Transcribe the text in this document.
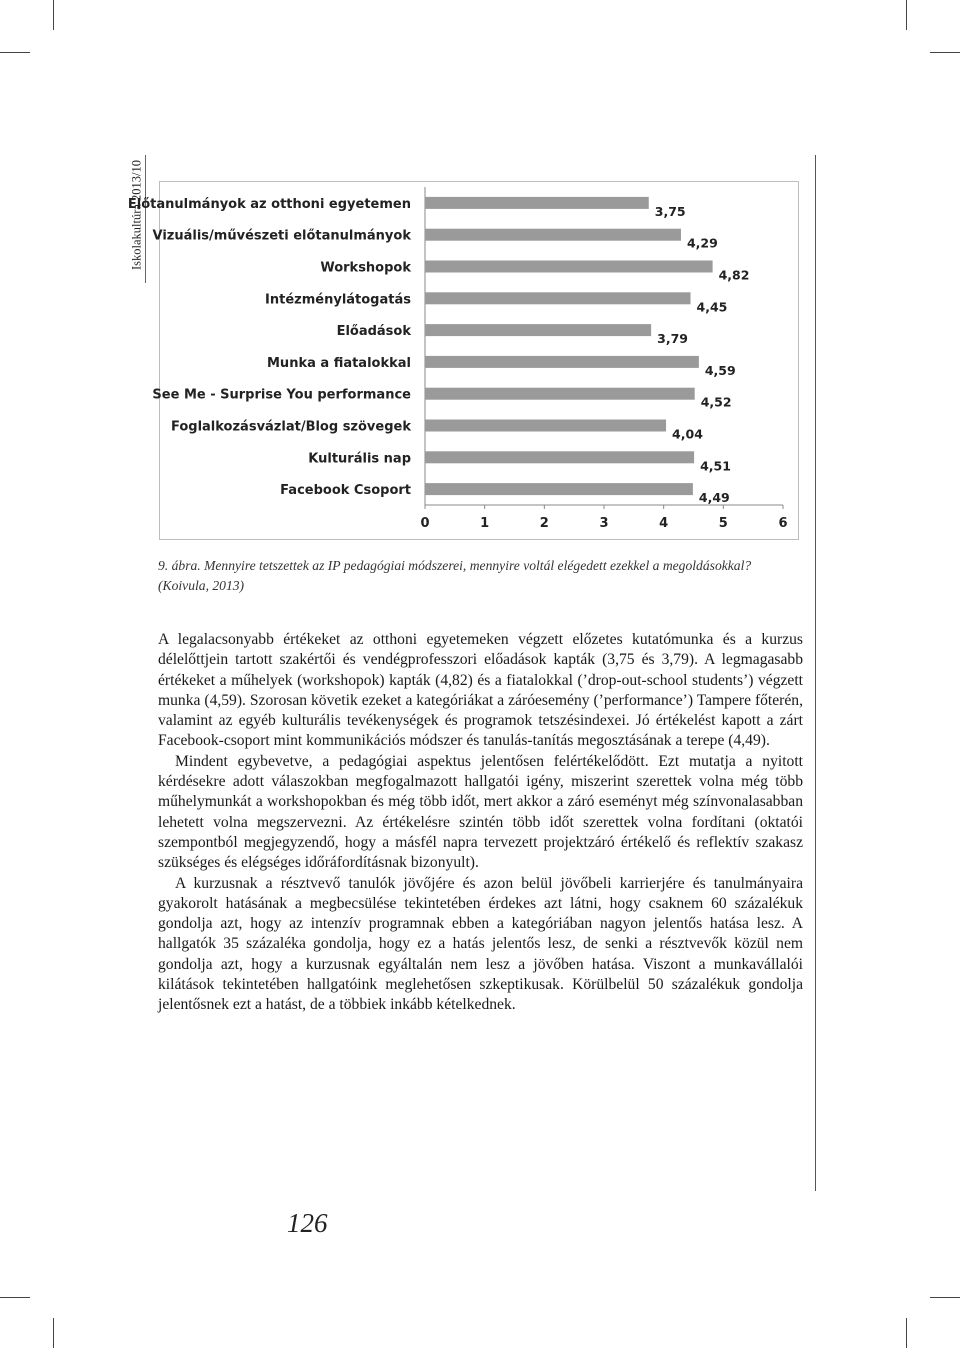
Iskolakultúra 2013/10
Előtanulmányok az otthoni egyetemen	3,75
Vizuális/művészeti előtanulmányok	4,29
Workshopok	4,82
Intézménylátogatás	4,45
Előadások	3,79
Munka a fiatalokkal	4,59
See Me - Surprise You performance	4,52
Foglalkozásvázlat/Blog szövegek	4,04
Kulturális nap	4,51
Facebook Csoport	4,49
0	1	2	3	4	5	6
9. ábra. Mennyire tetszettek az IP pedagógiai módszerei, mennyire voltál elégedett ezekkel a megoldásokkal? (Koivula, 2013)

A legalacsonyabb értékeket az otthoni egyetemeken végzett előzetes kutatómunka és a kurzus délelőttjein tartott szakértői és vendégprofesszori előadások kapták (3,75 és 3,79). A legmagasabb értékeket a műhelyek (workshopok) kapták (4,82) és a fiatalokkal (’drop-out-school students’) végzett munka (4,59). Szorosan követik ezeket a kategóriákat a záróesemény (’performance’) Tampere főterén, valamint az egyéb kulturális tevékenységek és programok tetszésindexei. Jó értékelést kapott a zárt Facebook-csoport mint kommunikációs módszer és tanulás-tanítás megosztásának a terepe (4,49).

Mindent egybevetve, a pedagógiai aspektus jelentősen felértékelődött. Ezt mutatja a nyitott kérdésekre adott válaszokban megfogalmazott hallgatói igény, miszerint szerettek volna még több műhelymunkát a workshopokban és még több időt, mert akkor a záró eseményt még színvonalasabban lehetett volna megszervezni. Az értékelésre szintén több időt szerettek volna fordítani (oktatói szempontból megjegyzendő, hogy a másfél napra tervezett projektzáró értékelő és reflektív szakasz szükséges és elégséges időráfordításnak bizonyult).

A kurzusnak a résztvevő tanulók jövőjére és azon belül jövőbeli karrierjére és tanulmányaira gyakorolt hatásának a megbecsülése tekintetében érdekes azt látni, hogy csaknem 60 százalékuk gondolja azt, hogy az intenzív programnak ebben a kategóriában nagyon jelentős hatása lesz. A hallgatók 35 százaléka gondolja, hogy ez a hatás jelentős lesz, de senki a résztvevők közül nem gondolja azt, hogy a kurzusnak egyáltalán nem lesz a jövőben hatása. Viszont a munkavállalói kilátások tekintetében hallgatóink meglehetősen szkeptikusak. Körülbelül 50 százalékuk gondolja jelentősnek ezt a hatást, de a többiek inkább kételkednek.

126
